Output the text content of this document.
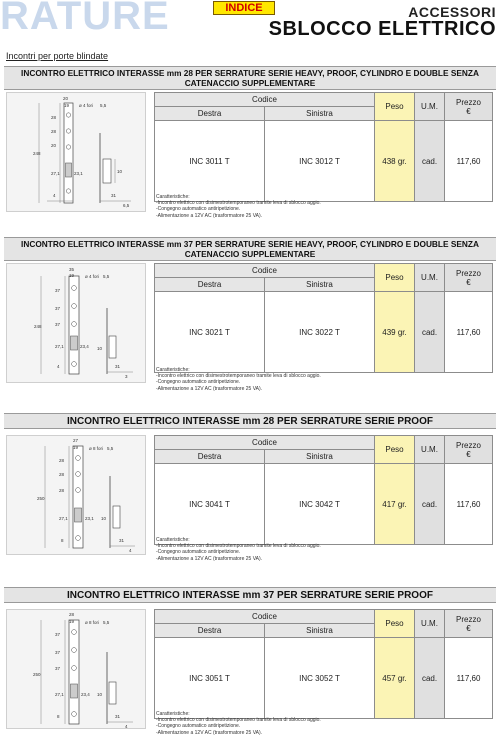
RATURE	INDICE	ACCESSORI
SBLOCCO ELETTRICO
Incontri per porte blindate
INCONTRO ELETTRICO INTERASSE mm 28 PER SERRATURE SERIE HEAVY, PROOF, CYLINDRO E DOUBLE SENZA CATENACCIO SUPPLEMENTARE
20
19
28
28
20
248
27,1	23,1	10
31
6,5
4
ø 4 fori 5,5
Codice		Peso	U.M.	Prezzo
€
Destra	Sinistra			
INC 3011 T	INC 3012 T	438 gr.	cad.	117,60
Caratteristiche:
-Incontro elettrico con disimestrotemporaneo tramite leva di sblocco aggio.
-Congegno automatico antiripetizione.
-Alimentazione a 12V AC (trasformatore 25 VA).
INCONTRO ELETTRICO INTERASSE mm 37 PER SERRATURE SERIE HEAVY, PROOF, CYLINDRO E DOUBLE SENZA CATENACCIO SUPPLEMENTARE
35
19
37
37
37
248
27,1	23,4 10
31
3
4
ø 4 fori 5,5
Codice		Peso	U.M.	Prezzo
€
Destra	Sinistra			
INC 3021 T	INC 3022 T	439 gr.	cad.	117,60
Caratteristiche:
-Incontro elettrico con disimestrotemporaneo tramite leva di sblocco aggio.
-Congegno automatico antiripetizione.
-Alimentazione a 12V AC (trasformatore 25 VA).
INCONTRO ELETTRICO INTERASSE mm 28 PER SERRATURE SERIE PROOF
27
19
28
28
28
250
27,1	23,1 10
31
4
8
ø 8 fori 5,5
Codice		Peso	U.M.	Prezzo
€
Destra	Sinistra			
INC 3041 T	INC 3042 T	417 gr.	cad.	117,60
Caratteristiche:
-Incontro elettrico con disimestrotemporaneo tramite leva di sblocco aggio.
-Congegno automatico antiripetizione.
-Alimentazione a 12V AC (trasformatore 25 VA).
INCONTRO ELETTRICO INTERASSE mm 37 PER SERRATURE SERIE PROOF
28
19
37
37
37
250
27,1	23,4 10
31
4
8
ø 8 fori 5,5
Codice		Peso	U.M.	Prezzo
€
Destra	Sinistra			
INC 3051 T	INC 3052 T	457 gr.	cad.	117,60
Caratteristiche:
-Incontro elettrico con disimestrotemporaneo tramite leva di sblocco aggio.
-Congegno automatico antiripetizione.
-Alimentazione a 12V AC (trasformatore 25 VA).
